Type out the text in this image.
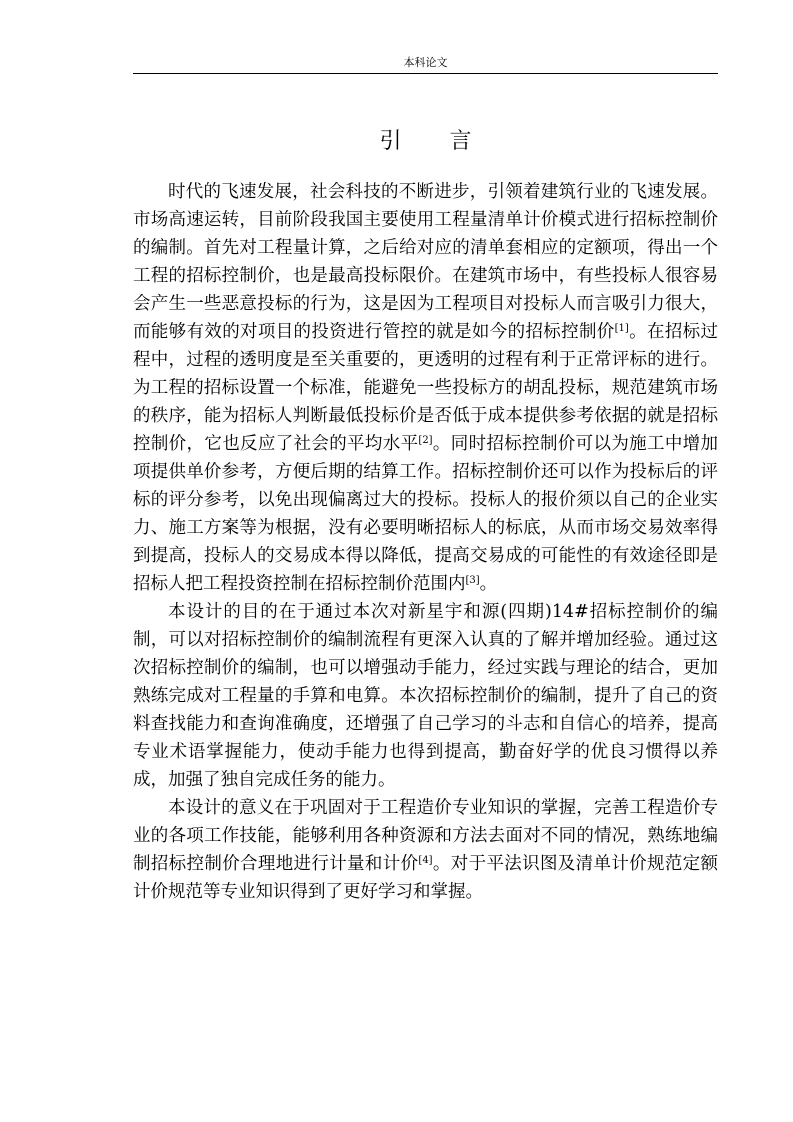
本科论文
引 言

时代的飞速发展，社会科技的不断进步，引领着建筑行业的飞速发展。市场高速运转，目前阶段我国主要使用工程量清单计价模式进行招标控制价的编制。首先对工程量计算，之后给对应的清单套相应的定额项，得出一个工程的招标控制价，也是最高投标限价。在建筑市场中，有些投标人很容易会产生一些恶意投标的行为，这是因为工程项目对投标人而言吸引力很大，而能够有效的对项目的投资进行管控的就是如今的招标控制价[1]。在招标过程中，过程的透明度是至关重要的，更透明的过程有利于正常评标的进行。为工程的招标设置一个标准，能避免一些投标方的胡乱投标，规范建筑市场的秩序，能为招标人判断最低投标价是否低于成本提供参考依据的就是招标控制价，它也反应了社会的平均水平[2]。同时招标控制价可以为施工中增加项提供单价参考，方便后期的结算工作。招标控制价还可以作为投标后的评标的评分参考，以免出现偏离过大的投标。投标人的报价须以自己的企业实力、施工方案等为根据，没有必要明晰招标人的标底，从而市场交易效率得到提高，投标人的交易成本得以降低，提高交易成的可能性的有效途径即是招标人把工程投资控制在招标控制价范围内[3]。

本设计的目的在于通过本次对新星宇和源(四期)14#招标控制价的编制，可以对招标控制价的编制流程有更深入认真的了解并增加经验。通过这次招标控制价的编制，也可以增强动手能力，经过实践与理论的结合，更加熟练完成对工程量的手算和电算。本次招标控制价的编制，提升了自己的资料查找能力和查询准确度，还增强了自己学习的斗志和自信心的培养，提高专业术语掌握能力，使动手能力也得到提高，勤奋好学的优良习惯得以养成，加强了独自完成任务的能力。

本设计的意义在于巩固对于工程造价专业知识的掌握，完善工程造价专业的各项工作技能，能够利用各种资源和方法去面对不同的情况，熟练地编制招标控制价合理地进行计量和计价[4]。对于平法识图及清单计价规范定额计价规范等专业知识得到了更好学习和掌握。
